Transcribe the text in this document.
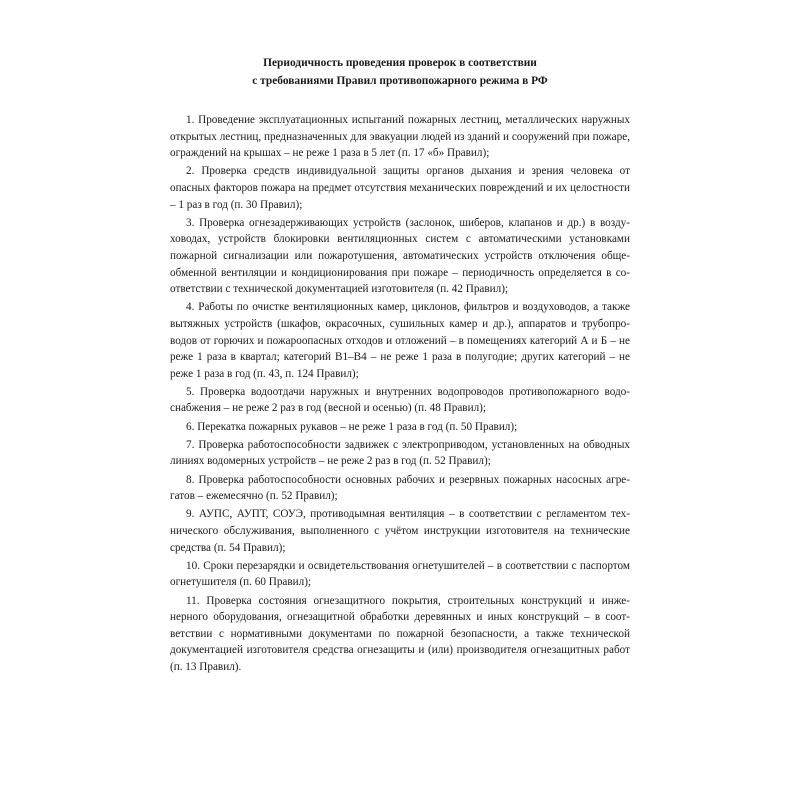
Периодичность проведения проверок в соответствии
с требованиями Правил противопожарного режима в РФ

1. Проведение эксплуатационных испытаний пожарных лестниц, металлических наружных открытых лестниц, предназначенных для эвакуации людей из зданий и сооружений при пожаре, ограждений на крышах – не реже 1 раза в 5 лет (п. 17 «б» Правил);

2. Проверка средств индивидуальной защиты органов дыхания и зрения человека от опасных факторов пожара на предмет отсутствия механических повреждений и их целостности – 1 раз в год (п. 30 Правил);

3. Проверка огнезадерживающих устройств (заслонок, шиберов, клапанов и др.) в воздуховодах, устройств блокировки вентиляционных систем с автоматическими установками пожарной сигнализации или пожаротушения, автоматических устройств отключения общеобменной вентиляции и кондиционирования при пожаре – периодичность определяется в соответствии с технической документацией изготовителя (п. 42 Правил);

4. Работы по очистке вентиляционных камер, циклонов, фильтров и воздуховодов, а также вытяжных устройств (шкафов, окрасочных, сушильных камер и др.), аппаратов и трубопроводов от горючих и пожароопасных отходов и отложений – в помещениях категорий А и Б – не реже 1 раза в квартал; категорий В1–В4 – не реже 1 раза в полугодие; других категорий – не реже 1 раза в год (п. 43, п. 124 Правил);

5. Проверка водоотдачи наружных и внутренних водопроводов противопожарного водоснабжения – не реже 2 раз в год (весной и осенью) (п. 48 Правил);

6. Перекатка пожарных рукавов – не реже 1 раза в год (п. 50 Правил);

7. Проверка работоспособности задвижек с электроприводом, установленных на обводных линиях водомерных устройств – не реже 2 раз в год (п. 52 Правил);

8. Проверка работоспособности основных рабочих и резервных пожарных насосных агрегатов – ежемесячно (п. 52 Правил);

9. АУПС, АУПТ, СОУЭ, противодымная вентиляция – в соответствии с регламентом технического обслуживания, выполненного с учётом инструкции изготовителя на технические средства (п. 54 Правил);

10. Сроки перезарядки и освидетельствования огнетушителей – в соответствии с паспортом огнетушителя (п. 60 Правил);

11. Проверка состояния огнезащитного покрытия, строительных конструкций и инженерного оборудования, огнезащитной обработки деревянных и иных конструкций – в соответствии с нормативными документами по пожарной безопасности, а также технической документацией изготовителя средства огнезащиты и (или) производителя огнезащитных работ (п. 13 Правил).
